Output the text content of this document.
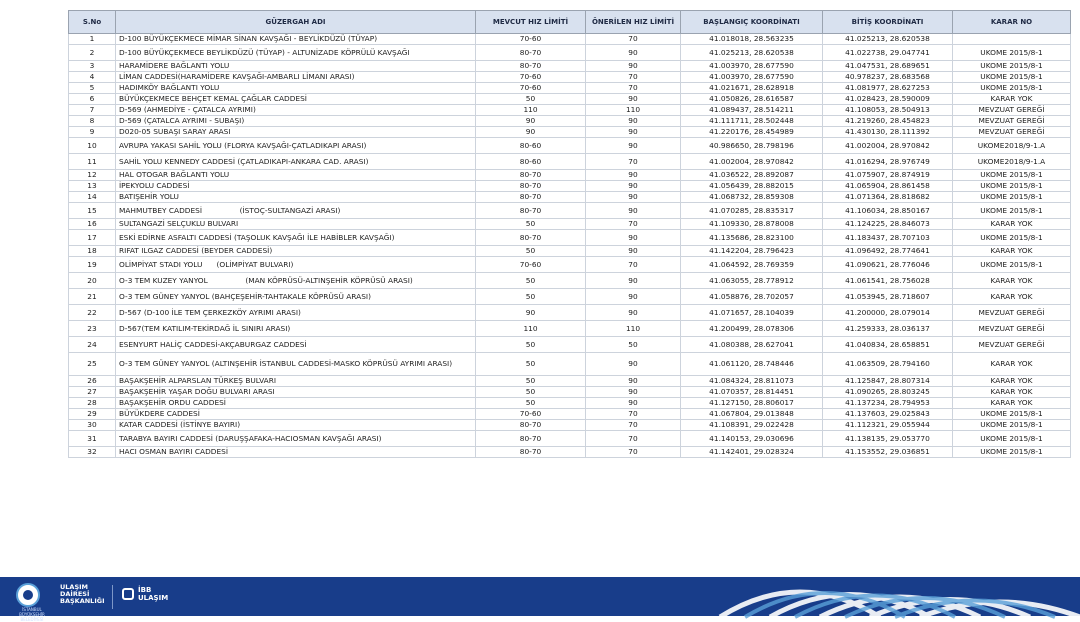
S.No	GÜZERGAH ADI	MEVCUT HIZ LİMİTİ	ÖNERİLEN HIZ LİMİTİ	BAŞLANGIÇ KOORDİNATI	BİTİŞ KOORDİNATI	KARAR NO
1	D-100 BÜYÜKÇEKMECE MİMAR SİNAN KAVŞAĞI - BEYLİKDÜZÜ (TÜYAP)	70-60	70	41.018018, 28.563235	41.025213, 28.620538	
2	D-100 BÜYÜKÇEKMECE BEYLİKDÜZÜ (TÜYAP) - ALTUNİZADE KÖPRÜLÜ KAVŞAĞI	80-70	90	41.025213, 28.620538	41.022738, 29.047741	UKOME 2015/8-1
3	HARAMİDERE BAĞLANTI YOLU	80-70	90	41.003970, 28.677590	41.047531, 28.689651	UKOME 2015/8-1
4	LİMAN CADDESİ(HARAMİDERE KAVŞAĞI-AMBARLI LİMANI ARASI)	70-60	70	41.003970, 28.677590	40.978237, 28.683568	UKOME 2015/8-1
5	HADIMKÖY BAĞLANTI YOLU	70-60	70	41.021671, 28.628918	41.081977, 28.627253	UKOME 2015/8-1
6	BÜYÜKÇEKMECE BEHÇET KEMAL ÇAĞLAR CADDESİ	50	90	41.050826, 28.616587	41.028423, 28.590009	KARAR YOK
7	D-569 (AHMEDİYE - ÇATALCA AYRIMI)	110	110	41.089437, 28.514211	41.108053, 28.504913	MEVZUAT GEREĞİ
8	D-569 (ÇATALCA AYRIMI - SUBAŞI)	90	90	41.111711, 28.502448	41.219260, 28.454823	MEVZUAT GEREĞİ
9	D020-05 SUBAŞI SARAY ARASI	90	90	41.220176, 28.454989	41.430130, 28.111392	MEVZUAT GEREĞİ
10	AVRUPA YAKASI SAHİL YOLU (FLORYA KAVŞAĞI-ÇATLADIKAPI ARASI)	80-60	90	40.986650, 28.798196	41.002004, 28.970842	UKOME2018/9-1.A
11	SAHİL YOLU KENNEDY CADDESİ (ÇATLADIKAPI-ANKARA CAD. ARASI)	80-60	70	41.002004, 28.970842	41.016294, 28.976749	UKOME2018/9-1.A
12	HAL OTOGAR BAĞLANTI YOLU	80-70	90	41.036522, 28.892087	41.075907, 28.874919	UKOME 2015/8-1
13	İPEKYOLU CADDESİ	80-70	90	41.056439, 28.882015	41.065904, 28.861458	UKOME 2015/8-1
14	BATIŞEHİR YOLU	80-70	90	41.068732, 28.859308	41.071364, 28.818682	UKOME 2015/8-1
15	MAHMUTBEY CADDESİ                (İSTOÇ-SULTANGAZİ ARASI)	80-70	90	41.070285, 28.835317	41.106034, 28.850167	UKOME 2015/8-1
16	SULTANGAZİ SELÇUKLU BULVARI	50	70	41.109330, 28.878008	41.124225, 28.846073	KARAR YOK
17	ESKİ EDİRNE ASFALTI CADDESİ (TAŞOLUK KAVŞAĞI İLE HABİBLER KAVŞAĞI)	80-70	90	41.135686, 28.823100	41.183437, 28.707103	UKOME 2015/8-1
18	RIFAT ILGAZ CADDESİ (BEYDER CADDESİ)	50	90	41.142204, 28.796423	41.096492, 28.774641	KARAR YOK
19	OLİMPİYAT STADI YOLU      (OLİMPİYAT BULVARI)	70-60	70	41.064592, 28.769359	41.090621, 28.776046	UKOME 2015/8-1
20	O-3 TEM KUZEY YANYOL                (MAN KÖPRÜSÜ-ALTINŞEHİR KÖPRÜSÜ ARASI)	50	90	41.063055, 28.778912	41.061541, 28.756028	KARAR YOK
21	O-3 TEM GÜNEY YANYOL (BAHÇEŞEHİR-TAHTAKALE KÖPRÜSÜ ARASI)	50	90	41.058876, 28.702057	41.053945, 28.718607	KARAR YOK
22	D-567 (D-100 İLE TEM ÇERKEZKÖY AYRIMI ARASI)	90	90	41.071657, 28.104039	41.200000, 28.079014	MEVZUAT GEREĞİ
23	D-567(TEM KATILIM-TEKİRDAĞ İL SINIRI ARASI)	110	110	41.200499, 28.078306	41.259333, 28.036137	MEVZUAT GEREĞİ
24	ESENYURT HALİÇ CADDESİ-AKÇABURGAZ CADDESİ	50	50	41.080388, 28.627041	41.040834, 28.658851	MEVZUAT GEREĞİ
25	O-3 TEM GÜNEY YANYOL (ALTINŞEHİR İSTANBUL CADDESİ-MASKO KÖPRÜSÜ AYRIMI ARASI)	50	90	41.061120, 28.748446	41.063509, 28.794160	KARAR YOK
26	BAŞAKŞEHİR ALPARSLAN TÜRKEŞ BULVARI	50	90	41.084324, 28.811073	41.125847, 28.807314	KARAR YOK
27	BAŞAKŞEHİR YAŞAR DOĞU BULVARI ARASI	50	90	41.070357, 28.814451	41.090265, 28.803245	KARAR YOK
28	BAŞAKŞEHİR ORDU CADDESİ	50	90	41.127150, 28.806017	41.137234, 28.794953	KARAR YOK
29	BÜYÜKDERE CADDESİ	70-60	70	41.067804, 29.013848	41.137603, 29.025843	UKOME 2015/8-1
30	KATAR CADDESİ (İSTİNYE BAYIRI)	80-70	70	41.108391, 29.022428	41.112321, 29.055944	UKOME 2015/8-1
31	TARABYA BAYIRI CADDESİ (DARUŞŞAFAKA-HACIOSMAN KAVŞAĞI ARASI)	80-70	70	41.140153, 29.030696	41.138135, 29.053770	UKOME 2015/8-1
32	HACI OSMAN BAYIRI CADDESİ	80-70	70	41.142401, 29.028324	41.153552, 29.036851	UKOME 2015/8-1
İSTANBUL BÜYÜKŞEHİR BELEDİYESİ
ULAŞIM
DAİRESİ
BAŞKANLIĞI
İBB
ULAŞIM
